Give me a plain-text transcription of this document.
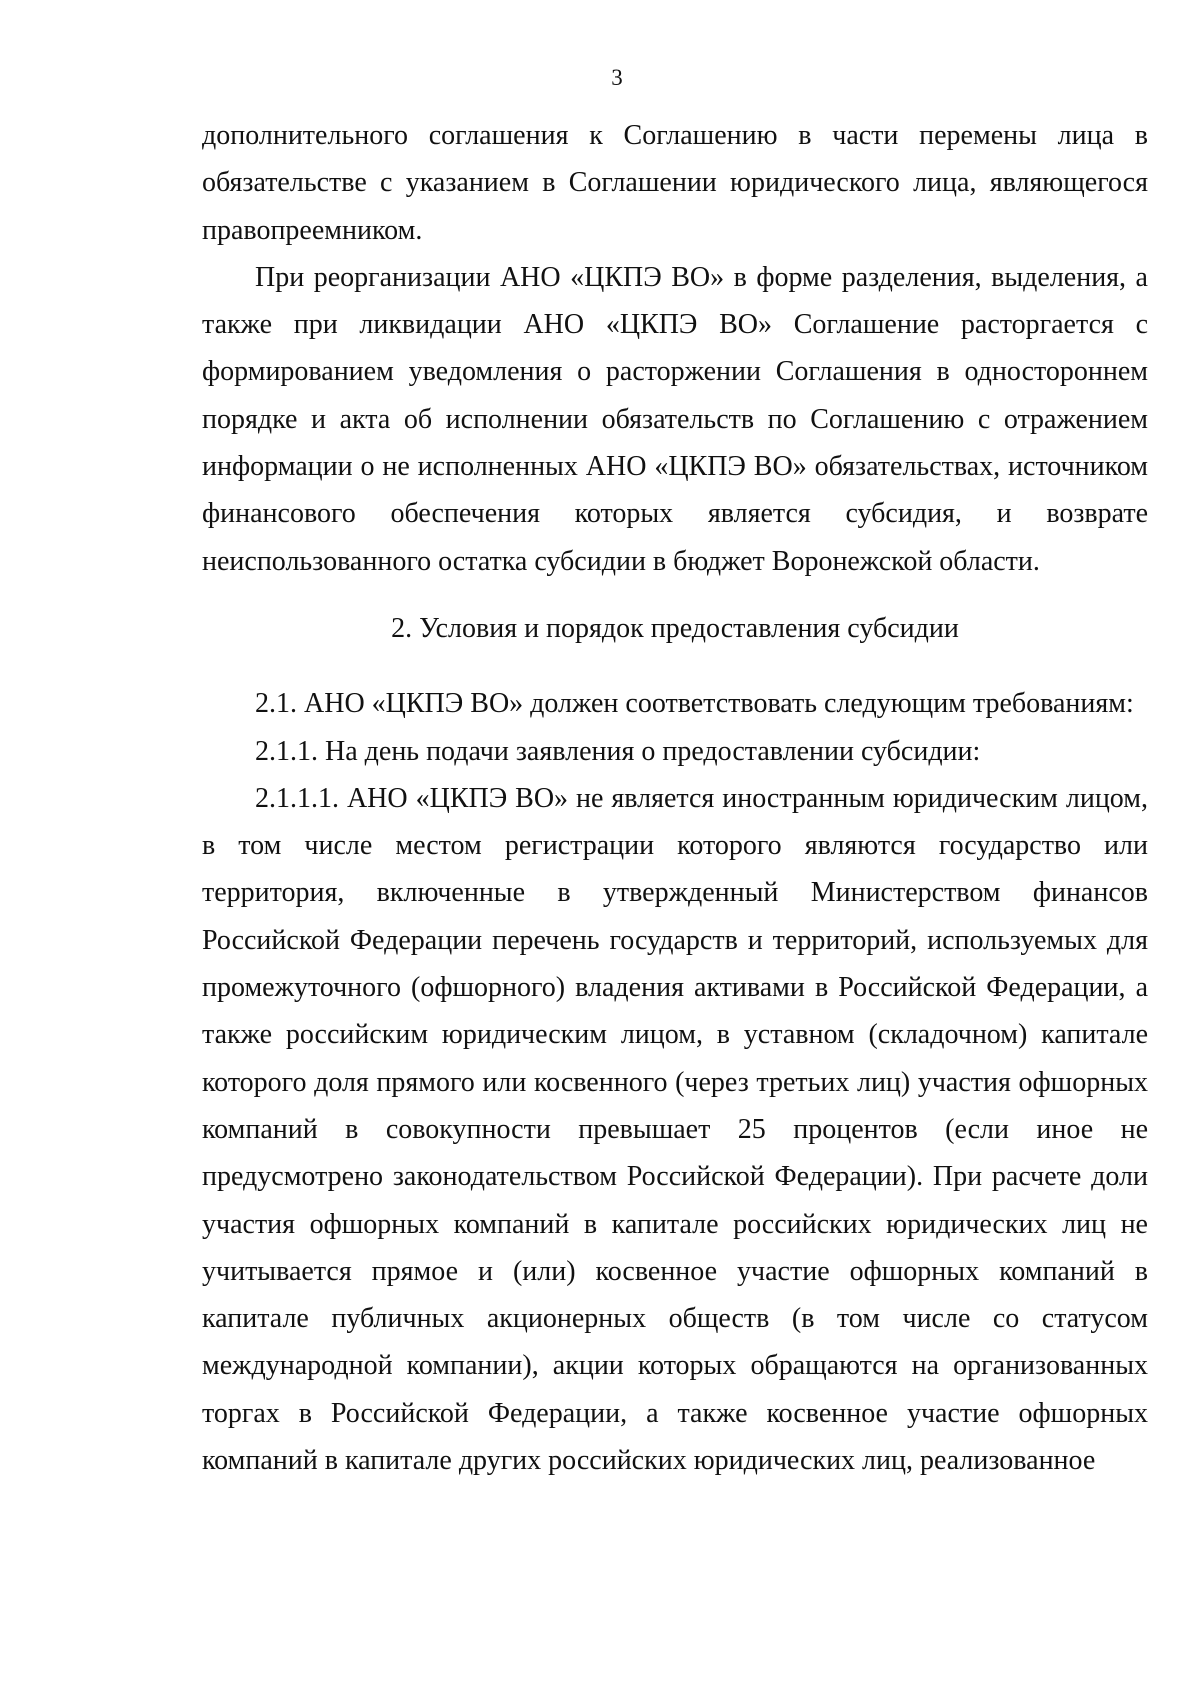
3

дополнительного соглашения к Соглашению в части перемены лица в обязательстве с указанием в Соглашении юридического лица, являющегося правопреемником.

При реорганизации АНО «ЦКПЭ ВО» в форме разделения, выделения, а также при ликвидации АНО «ЦКПЭ ВО» Соглашение расторгается с формированием уведомления о расторжении Соглашения в одностороннем порядке и акта об исполнении обязательств по Соглашению с отражением информации о не исполненных АНО «ЦКПЭ ВО» обязательствах, источником финансового обеспечения которых является субсидия, и возврате неиспользованного остатка субсидии в бюджет Воронежской области.

2. Условия и порядок предоставления субсидии

2.1. АНО «ЦКПЭ ВО» должен соответствовать следующим требованиям:

2.1.1. На день подачи заявления о предоставлении субсидии:

2.1.1.1. АНО «ЦКПЭ ВО» не является иностранным юридическим лицом, в том числе местом регистрации которого являются государство или территория, включенные в утвержденный Министерством финансов Российской Федерации перечень государств и территорий, используемых для промежуточного (офшорного) владения активами в Российской Федерации, а также российским юридическим лицом, в уставном (складочном) капитале которого доля прямого или косвенного (через третьих лиц) участия офшорных компаний в совокупности превышает 25 процентов (если иное не предусмотрено законодательством Российской Федерации). При расчете доли участия офшорных компаний в капитале российских юридических лиц не учитывается прямое и (или) косвенное участие офшорных компаний в капитале публичных акционерных обществ (в том числе со статусом международной компании), акции которых обращаются на организованных торгах в Российской Федерации, а также косвенное участие офшорных компаний в капитале других российских юридических лиц, реализованное
